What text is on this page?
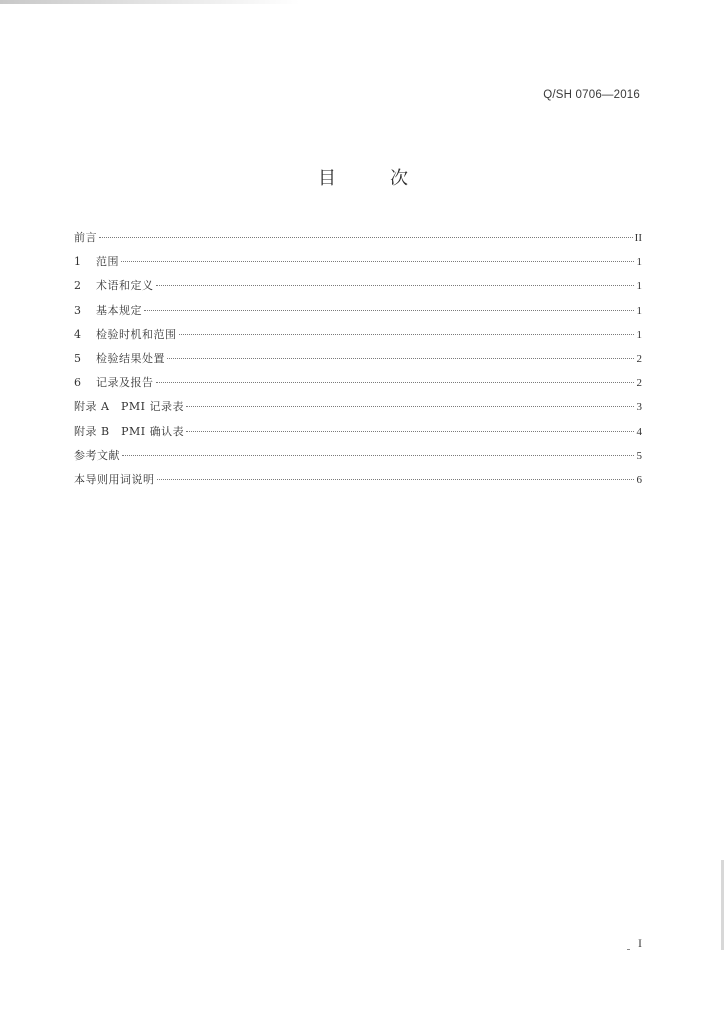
Q/SH 0706—2016
目	次
前言	II
1	范围	1
2	术语和定义	1
3	基本规定	1
4	检验时机和范围	1
5	检验结果处置	2
6	记录及报告	2
附录 A　PMI 记录表	3
附录 B　PMI 确认表	4
参考文献	5
本导则用词说明	6
I
